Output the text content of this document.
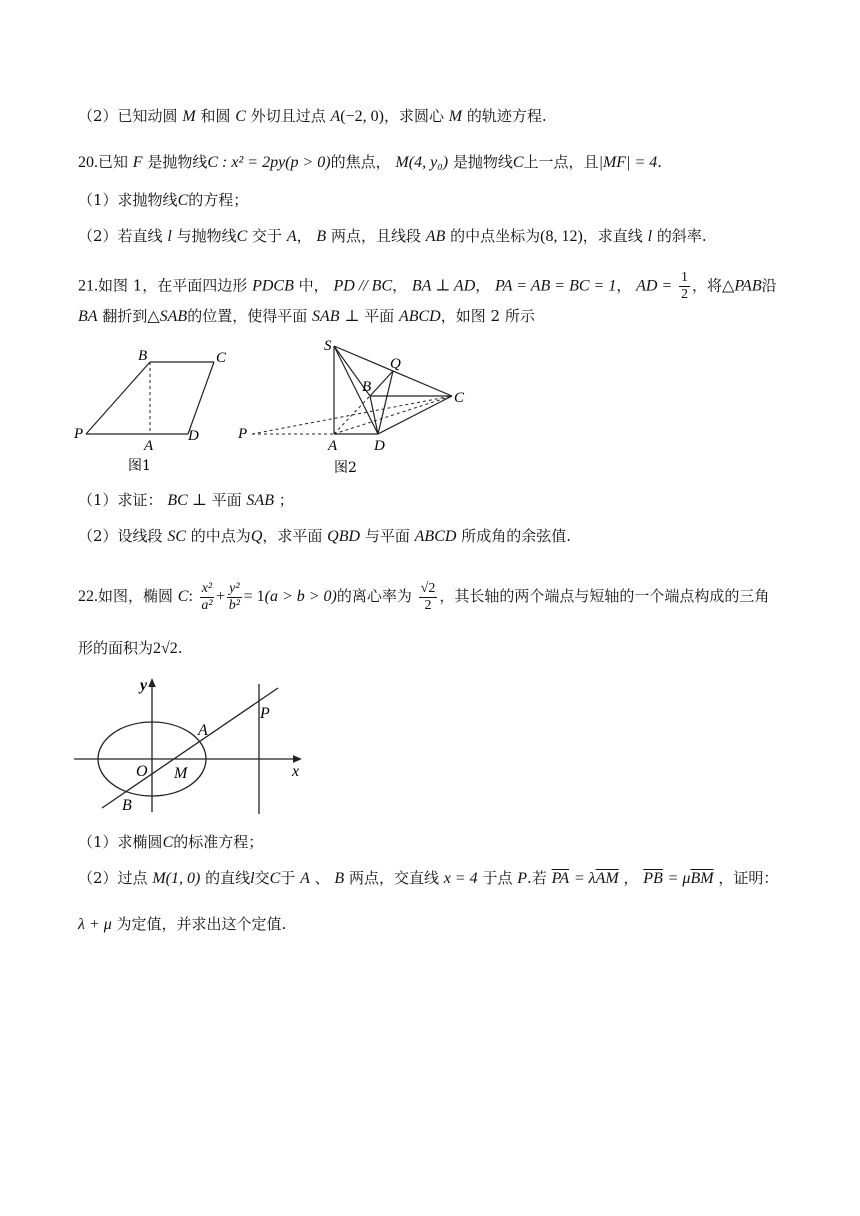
（2）已知动圆 M 和圆 C 外切且过点 A(−2, 0)，求圆心 M 的轨迹方程.
20.已知 F 是抛物线C : x² = 2py(p > 0)的焦点， M(4, y₀) 是抛物线C上一点，且|MF| = 4.
（1）求抛物线C的方程；
（2）若直线 l 与抛物线C 交于 A， B 两点，且线段 AB 的中点坐标为(8, 12)，求直线 l 的斜率.
21.如图 1，在平面四边形 PDCB 中， PD // BC， BA ⊥ AD， PA = AB = BC = 1， AD = $\frac{1}{2}$ ，将△PAB沿
BA 翻折到△SAB的位置，使得平面 SAB ⊥ 平面 ABCD，如图 2 所示
B	C
P
A
D
图1
S
Q
B
C
P
A D
图2
（1）求证： BC ⊥ 平面 SAB ；
（2）设线段 SC 的中点为Q，求平面 QBD 与平面 ABCD 所成角的余弦值.
22.如图，椭圆 C: $\frac{\text{x²}}{\text{a²}} + \frac{\text{y²}}{\text{b²}} = 1(a > b > 0)$的离心率为 $\frac{√2}{2}$ ，其长轴的两个端点与短轴的一个端点构成的三角
形的面积为2√2.
y
P
A
O M	x
B
（1）求椭圆C的标准方程；
（2）过点 M(1, 0) 的直线l交C于 A 、 B 两点，交直线 x = 4 于点 P.若 $\overline{PA} = \lambda\overline{AM}$ ， $\overline{PB} = \mu\overline{BM}$ ，证明：
λ + μ 为定值，并求出这个定值.
